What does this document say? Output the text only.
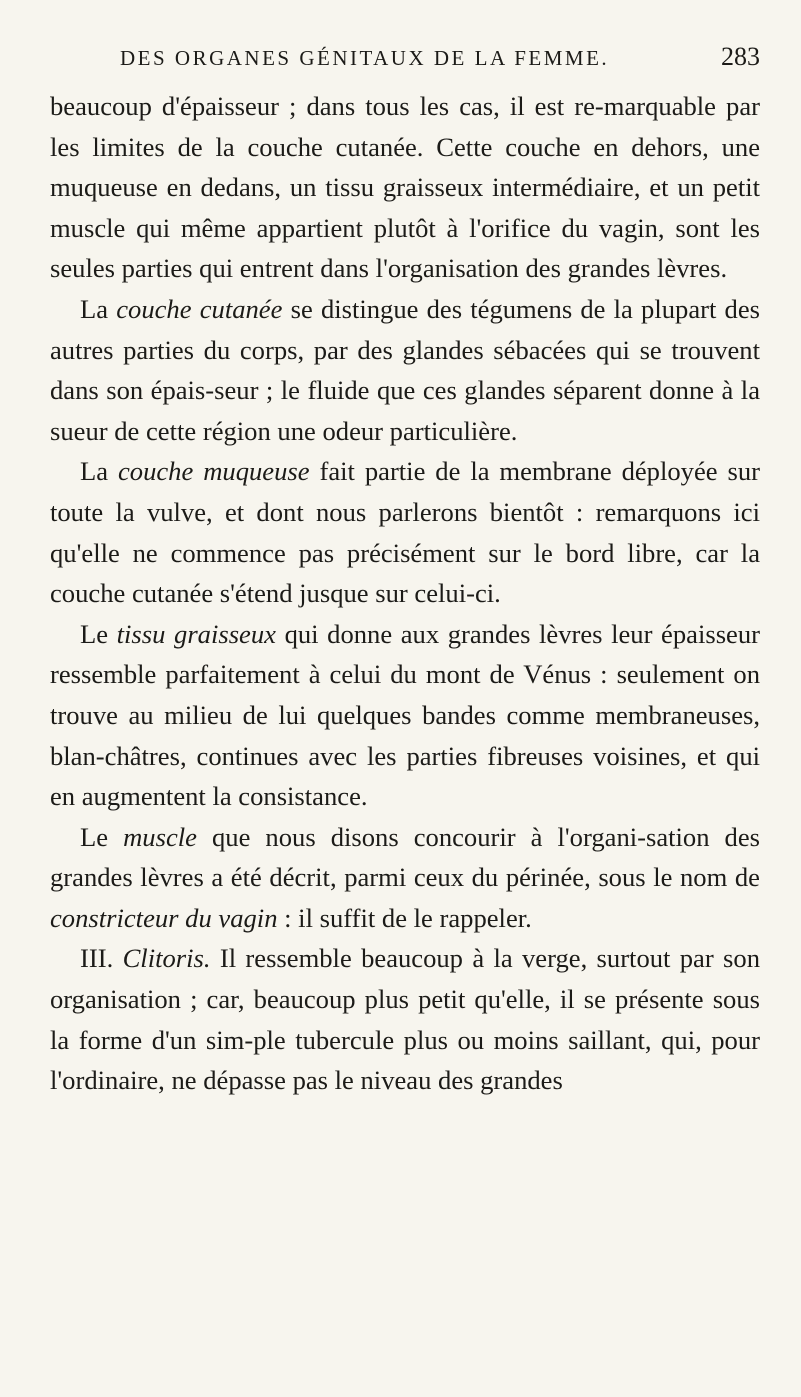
DES ORGANES GÉNITAUX DE LA FEMME.	283

beaucoup d'épaisseur ; dans tous les cas, il est re-marquable par les limites de la couche cutanée. Cette couche en dehors, une muqueuse en dedans, un tissu graisseux intermédiaire, et un petit muscle qui même appartient plutôt à l'orifice du vagin, sont les seules parties qui entrent dans l'organisation des grandes lèvres.

La couche cutanée se distingue des tégumens de la plupart des autres parties du corps, par des glandes sébacées qui se trouvent dans son épais-seur ; le fluide que ces glandes séparent donne à la sueur de cette région une odeur particulière.

La couche muqueuse fait partie de la membrane déployée sur toute la vulve, et dont nous parlerons bientôt : remarquons ici qu'elle ne commence pas précisément sur le bord libre, car la couche cutanée s'étend jusque sur celui-ci.

Le tissu graisseux qui donne aux grandes lèvres leur épaisseur ressemble parfaitement à celui du mont de Vénus : seulement on trouve au milieu de lui quelques bandes comme membraneuses, blan-châtres, continues avec les parties fibreuses voisines, et qui en augmentent la consistance.

Le muscle que nous disons concourir à l'organi-sation des grandes lèvres a été décrit, parmi ceux du périnée, sous le nom de constricteur du vagin : il suffit de le rappeler.

III. Clitoris. Il ressemble beaucoup à la verge, surtout par son organisation ; car, beaucoup plus petit qu'elle, il se présente sous la forme d'un sim-ple tubercule plus ou moins saillant, qui, pour l'ordinaire, ne dépasse pas le niveau des grandes
